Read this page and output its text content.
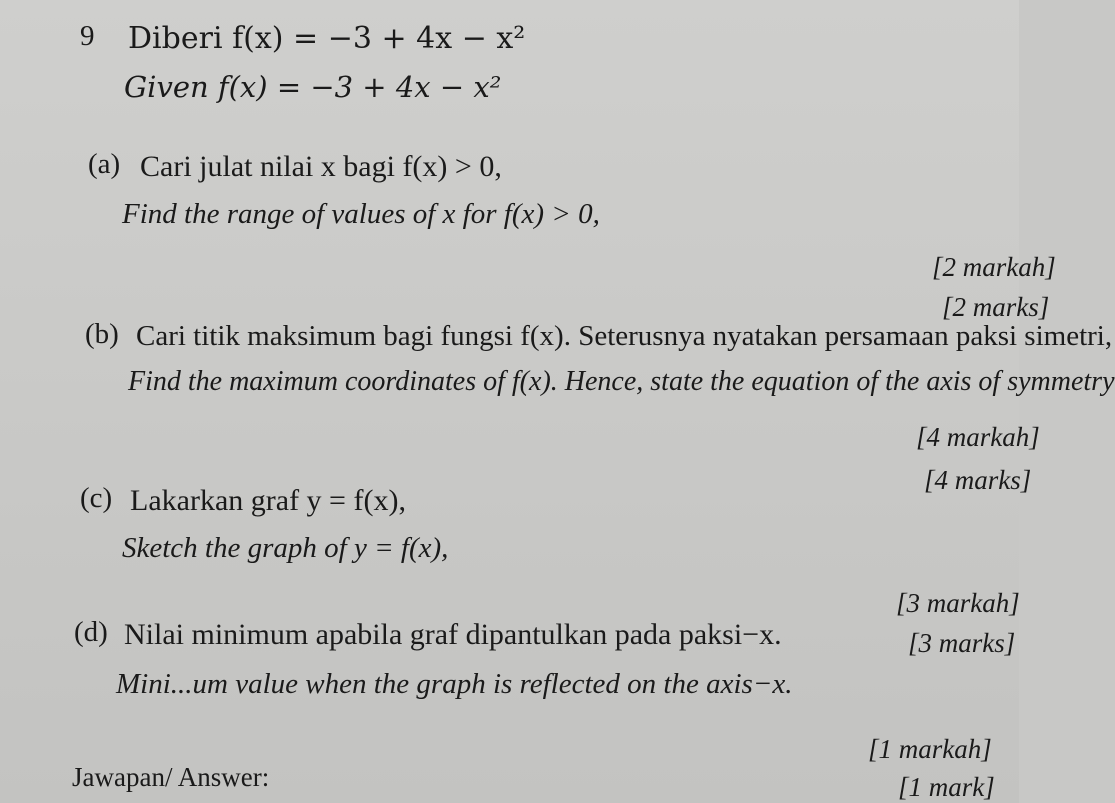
9 Diberi f(x) = −3 + 4x − x²
Given f(x) = −3 + 4x − x²
(a) Cari julat nilai x bagi f(x) > 0,
Find the range of values of x for f(x) > 0,
[2 markah]
[2 marks]
(b) Cari titik maksimum bagi fungsi f(x). Seterusnya nyatakan persamaan paksi simetri,
Find the maximum coordinates of f(x). Hence, state the equation of the axis of symmetry
[4 markah]
[4 marks]
(c) Lakarkan graf y = f(x),
Sketch the graph of y = f(x),
[3 markah]
[3 marks]
(d) Nilai minimum apabila graf dipantulkan pada paksi−x.
Mini...um value when the graph is reflected on the axis−x.
[1 markah]
[1 mark]
Jawapan/ Answer:
